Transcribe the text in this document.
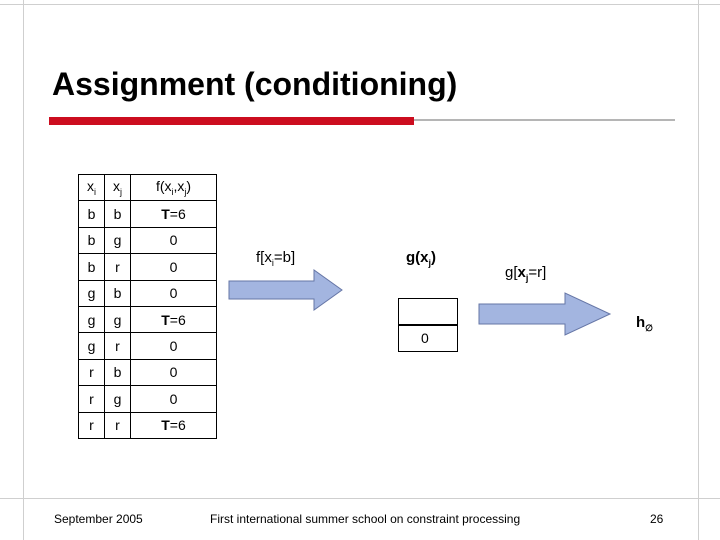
Assignment (conditioning)
$x_i$	$x_j$	$f(x_i,x_j)$
b	b	T=6
b	g	0
b	r	0
g	b	0
g	g	T=6
g	r	0
r	b	0
r	g	0
r	r	T=6
$f[x_i=b]$	$g(x_j)$
$g[x_j=r]$
0
$h_\emptyset$
September 2005	First international summer school on constraint processing	26
